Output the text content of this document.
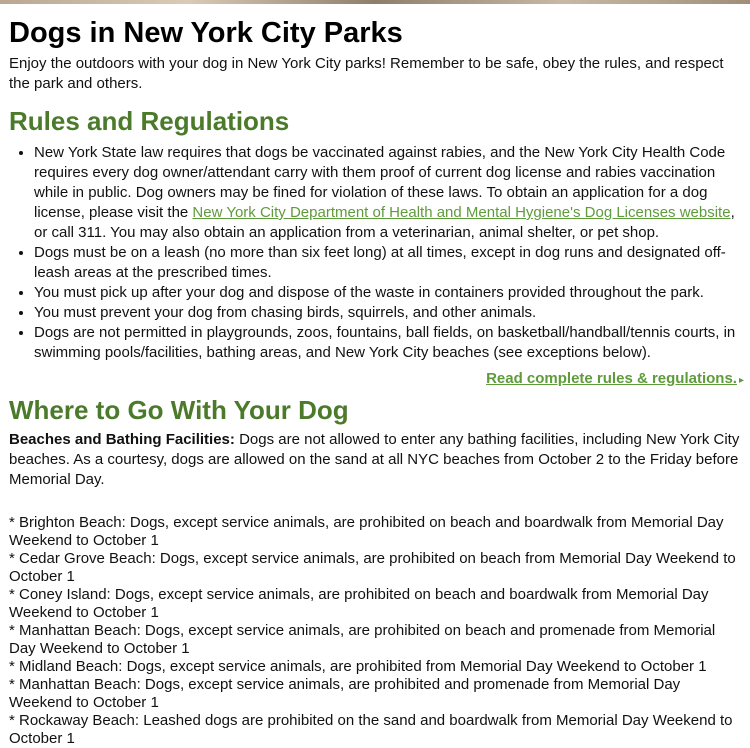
Dogs in New York City Parks

Enjoy the outdoors with your dog in New York City parks! Remember to be safe, obey the rules, and respect the park and others.

Rules and Regulations
• New York State law requires that dogs be vaccinated against rabies, and the New York City Health Code requires every dog owner/attendant carry with them proof of current dog license and rabies vaccination while in public. Dog owners may be fined for violation of these laws. To obtain an application for a dog license, please visit the New York City Department of Health and Mental Hygiene's Dog Licenses website, or call 311. You may also obtain an application from a veterinarian, animal shelter, or pet shop.
• Dogs must be on a leash (no more than six feet long) at all times, except in dog runs and designated off-leash areas at the prescribed times.
• You must pick up after your dog and dispose of the waste in containers provided throughout the park.
• You must prevent your dog from chasing birds, squirrels, and other animals.
• Dogs are not permitted in playgrounds, zoos, fountains, ball fields, on basketball/handball/tennis courts, in swimming pools/facilities, bathing areas, and New York City beaches (see exceptions below).
Read complete rules & regulations. ▸
Where to Go With Your Dog

Beaches and Bathing Facilities: Dogs are not allowed to enter any bathing facilities, including New York City beaches. As a courtesy, dogs are allowed on the sand at all NYC beaches from October 2 to the Friday before Memorial Day.

* Brighton Beach: Dogs, except service animals, are prohibited on beach and boardwalk from Memorial Day Weekend to October 1
* Cedar Grove Beach: Dogs, except service animals, are prohibited on beach from Memorial Day Weekend to October 1
* Coney Island: Dogs, except service animals, are prohibited on beach and boardwalk from Memorial Day Weekend to October 1
* Manhattan Beach: Dogs, except service animals, are prohibited on beach and promenade from Memorial Day Weekend to October 1
* Midland Beach: Dogs, except service animals, are prohibited from Memorial Day Weekend to October 1
* Manhattan Beach: Dogs, except service animals, are prohibited and promenade from Memorial Day Weekend to October 1
* Rockaway Beach: Leashed dogs are prohibited on the sand and boardwalk from Memorial Day Weekend to October 1
